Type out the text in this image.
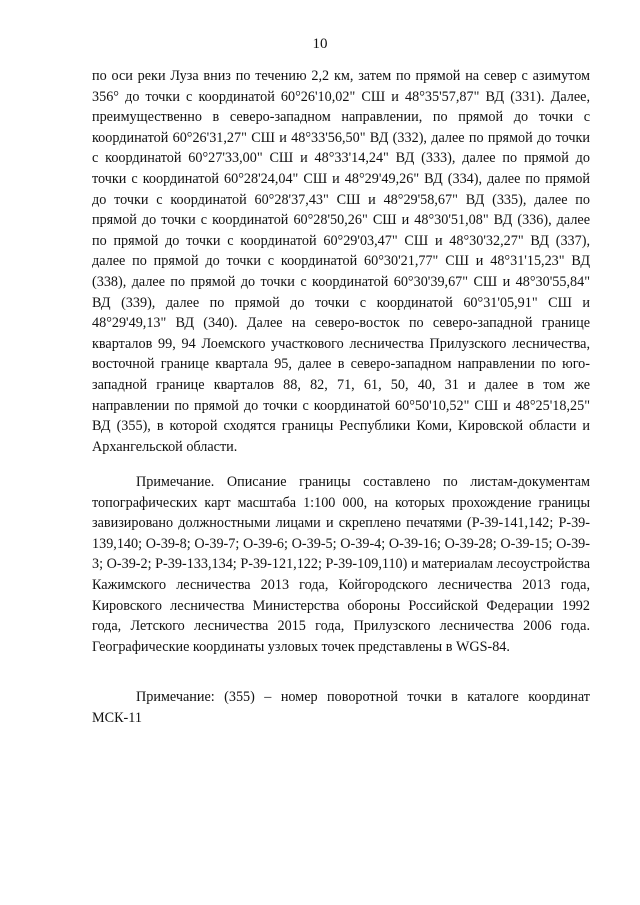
10

по оси реки Луза вниз по течению 2,2 км, затем по прямой на север с азимутом 356° до точки с координатой 60°26'10,02" СШ и 48°35'57,87" ВД (331). Далее, преимущественно в северо-западном направлении, по прямой до точки с координатой 60°26'31,27" СШ и 48°33'56,50" ВД (332), далее по прямой до точки с координатой 60°27'33,00" СШ и 48°33'14,24" ВД (333), далее по прямой до точки с координатой 60°28'24,04" СШ и 48°29'49,26" ВД (334), далее по прямой до точки с координатой 60°28'37,43" СШ и 48°29'58,67" ВД (335), далее по прямой до точки с координатой 60°28'50,26" СШ и 48°30'51,08" ВД (336), далее по прямой до точки с координатой 60°29'03,47" СШ и 48°30'32,27" ВД (337), далее по прямой до точки с координатой 60°30'21,77" СШ и 48°31'15,23" ВД (338), далее по прямой до точки с координатой 60°30'39,67" СШ и 48°30'55,84" ВД (339), далее по прямой до точки с координатой 60°31'05,91" СШ и 48°29'49,13" ВД (340). Далее на северо-восток по северо-западной границе кварталов 99, 94 Лоемского участкового лесничества Прилузского лесничества, восточной границе квартала 95, далее в северо-западном направлении по юго-западной границе кварталов 88, 82, 71, 61, 50, 40, 31 и далее в том же направлении по прямой до точки с координатой 60°50'10,52" СШ и 48°25'18,25" ВД (355), в которой сходятся границы Республики Коми, Кировской области и Архангельской области.

Примечание. Описание границы составлено по листам-документам топографических карт масштаба 1:100 000, на которых прохождение границы завизировано должностными лицами и скреплено печатями (Р-39-141,142; Р-39-139,140; О-39-8; О-39-7; О-39-6; О-39-5; О-39-4; О-39-16; О-39-28; О-39-15; О-39-3; О-39-2; Р-39-133,134; Р-39-121,122; Р-39-109,110) и материалам лесоустройства Кажимского лесничества 2013 года, Койгородского лесничества 2013 года, Кировского лесничества Министерства обороны Российской Федерации 1992 года, Летского лесничества 2015 года, Прилузского лесничества 2006 года. Географические координаты узловых точек представлены в WGS-84.

Примечание: (355) – номер поворотной точки в каталоге координат МСК-11
